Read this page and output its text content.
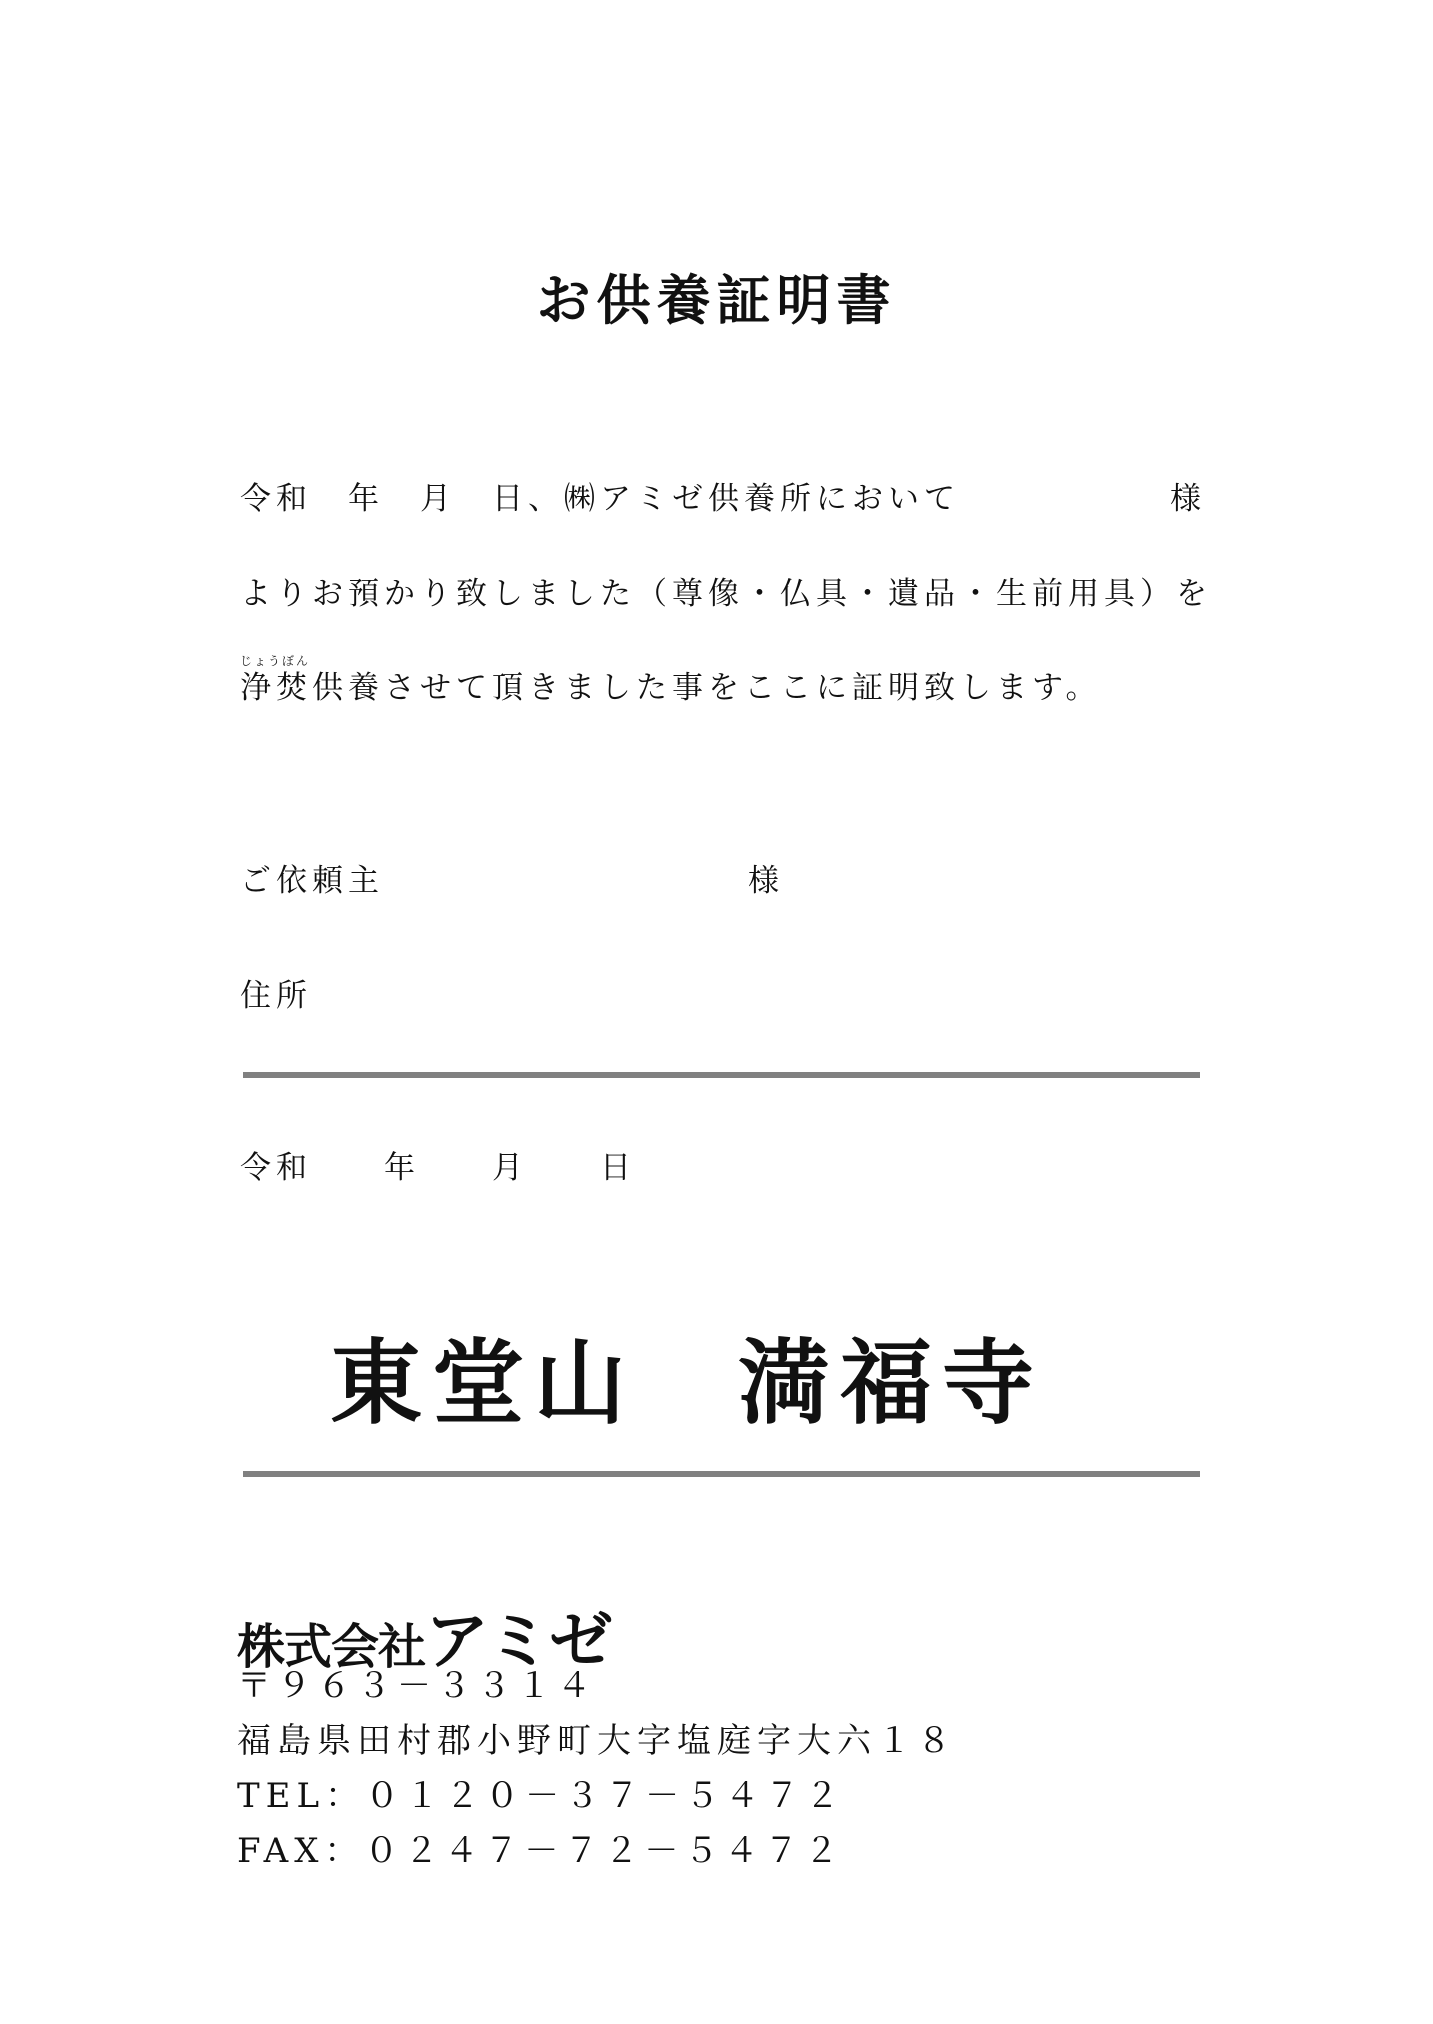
お供養証明書
令和　年　月　日、㈱アミゼ供養所において	様
よりお預かり致しました（尊像・仏具・遺品・生前用具）を
じょうぼん
浄焚供養させて頂きました事をここに証明致します。
ご依頼主	様
住所
令和　　年　　月　　日
東堂山　満福寺
株式会社アミゼ
〒９６３－３３１４
福島県田村郡小野町大字塩庭字大六１８
TEL：０１２０－３７－５４７２
FAX：０２４７－７２－５４７２
